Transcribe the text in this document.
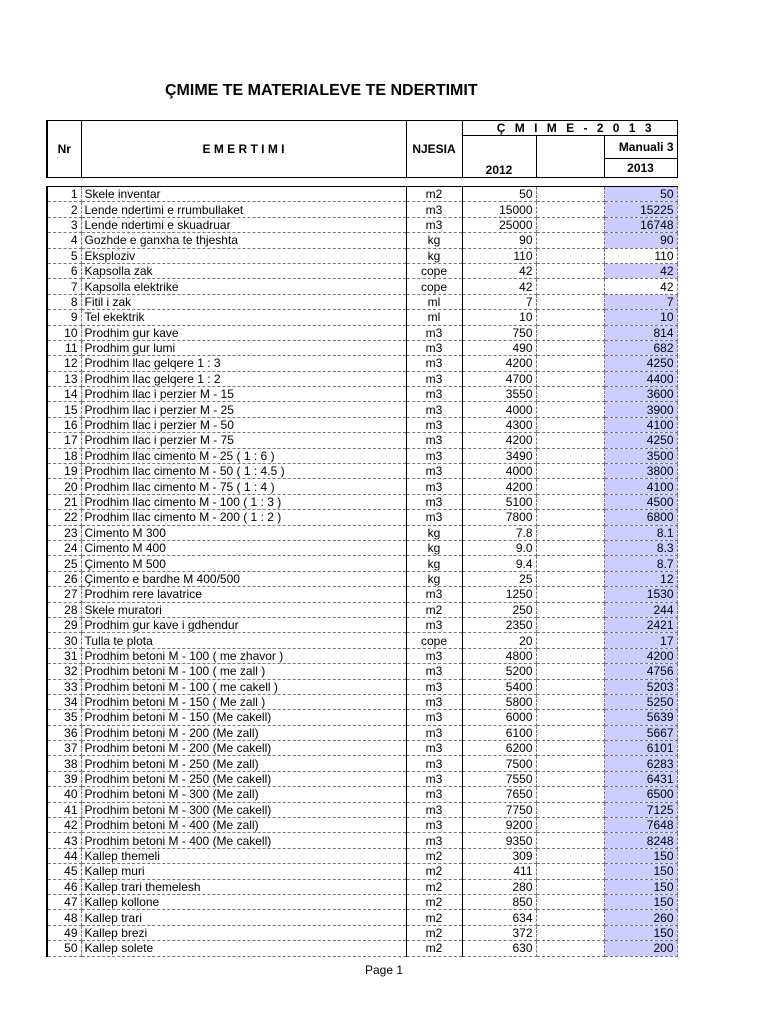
ÇMIME TE MATERIALEVE TE NDERTIMIT
Nr	E M E R T I M I	NJESIA	Ç M I M E - 2 0 1 3		
			2012		Manuali 3
					2013

1	Skele inventar	m2	50		50
2	Lende ndertimi e rrumbullaket	m3	15000		15225
3	Lende ndertimi e skuadruar	m3	25000		16748
4	Gozhde e ganxha te thjeshta	kg	90		90
5	Eksploziv	kg	110		110
6	Kapsolla zak	cope	42		42
7	Kapsolla elektrike	cope	42		42
8	Fitil i zak	ml	7		7
9	Tel ekektrik	ml	10		10
10	Prodhim gur kave	m3	750		814
11	Prodhim gur lumi	m3	490		682
12	Prodhim llac gelqere 1 : 3	m3	4200		4250
13	Prodhim llac gelqere 1 : 2	m3	4700		4400
14	Prodhim llac i perzier M - 15	m3	3550		3600
15	Prodhim llac i perzier M - 25	m3	4000		3900
16	Prodhim llac i perzier M - 50	m3	4300		4100
17	Prodhim llac i perzier M - 75	m3	4200		4250
18	Prodhim llac cimento M - 25 ( 1 : 6 )	m3	3490		3500
19	Prodhim llac cimento M - 50 ( 1 : 4.5 )	m3	4000		3800
20	Prodhim llac cimento M - 75 ( 1 : 4 )	m3	4200		4100
21	Prodhim llac cimento M - 100 ( 1 : 3 )	m3	5100		4500
22	Prodhim llac cimento M - 200 ( 1 : 2 )	m3	7800		6800
23	Cimento M 300	kg	7.8		8.1
24	Cimento M 400	kg	9.0		8.3
25	Çimento M 500	kg	9.4		8.7
26	Çimento e bardhe M 400/500	kg	25		12
27	Prodhim rere lavatrice	m3	1250		1530
28	Skele muratori	m2	250		244
29	Prodhim gur kave i gdhendur	m3	2350		2421
30	Tulla te plota	cope	20		17
31	Prodhim betoni M - 100 ( me zhavor )	m3	4800		4200
32	Prodhim betoni M - 100 ( me zall )	m3	5200		4756
33	Prodhim betoni M - 100 ( me cakell )	m3	5400		5203
34	Prodhim betoni M - 150 ( Me zall )	m3	5800		5250
35	Prodhim betoni M - 150 (Me cakell)	m3	6000		5639
36	Prodhim betoni M - 200 (Me zall)	m3	6100		5667
37	Prodhim betoni M - 200 (Me cakell)	m3	6200		6101
38	Prodhim betoni M - 250 (Me zall)	m3	7500		6283
39	Prodhim betoni M - 250 (Me cakell)	m3	7550		6431
40	Prodhim betoni M - 300 (Me zall)	m3	7650		6500
41	Prodhim betoni M - 300 (Me cakell)	m3	7750		7125
42	Prodhim betoni M - 400 (Me zall)	m3	9200		7648
43	Prodhim betoni M - 400 (Me cakell)	m3	9350		8248
44	Kallep themeli	m2	309		150
45	Kallep muri	m2	411		150
46	Kallep trari themelesh	m2	280		150
47	Kallep kollone	m2	850		150
48	Kallep trari	m2	634		260
49	Kallep brezi	m2	372		150
50	Kallep solete	m2	630		200
Page 1
